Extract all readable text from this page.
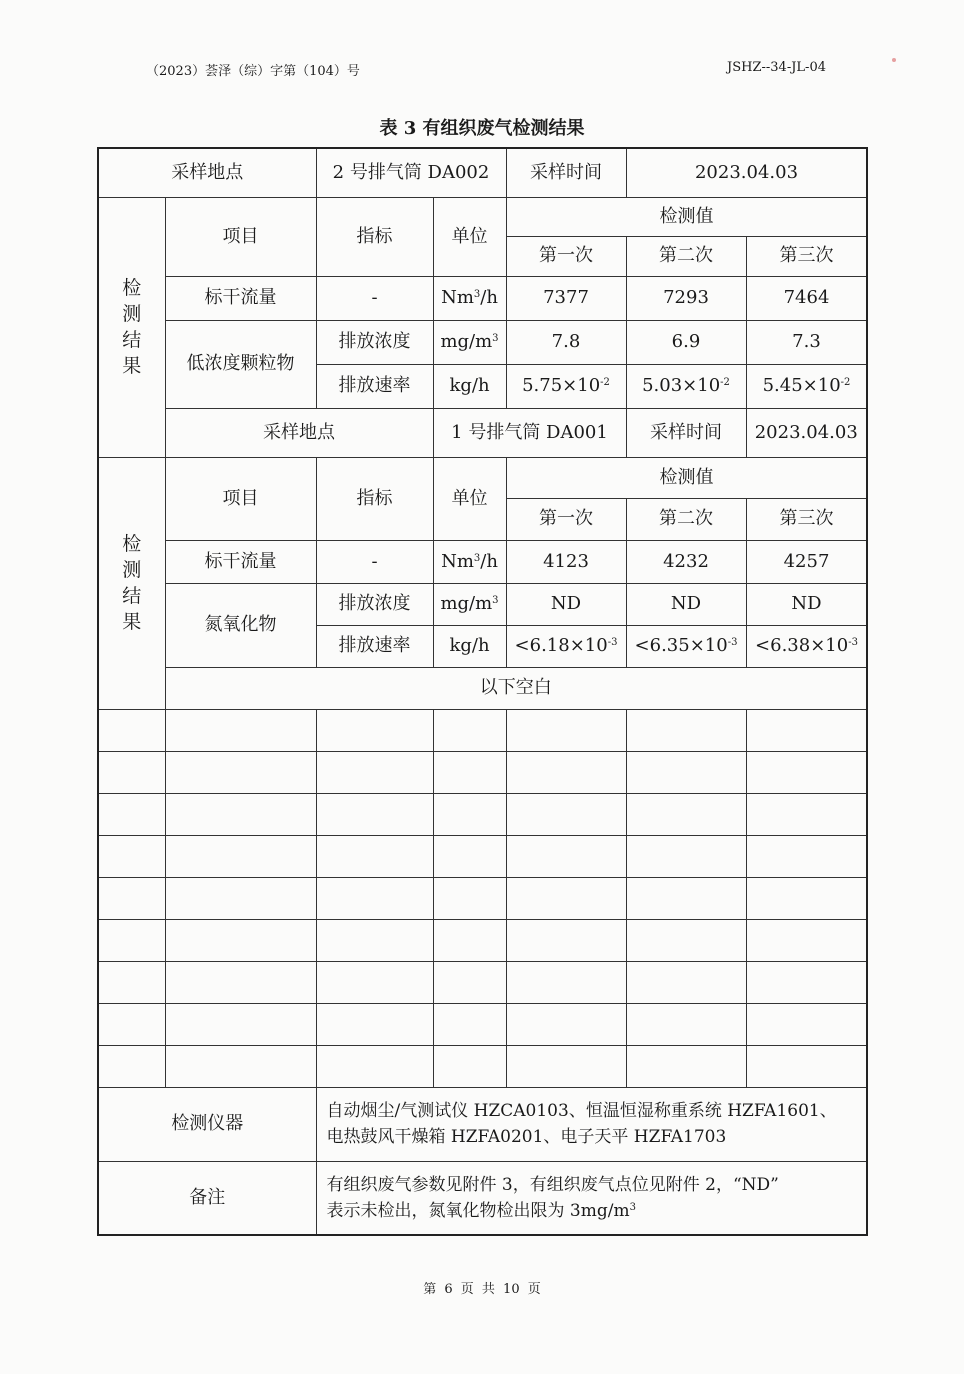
（2023）荟泽（综）字第（104）号	JSHZ--34-JL-04
表 3 有组织废气检测结果
采样地点		2 号排气筒 DA002		采样时间	2023.04.03	

检
测
结
果	项目	指标	单位	检测值		
				第一次	第二次	第三次
	标干流量	-	Nm$^3$/h	7377	7293	7464
	低浓度颗粒物	排放浓度	$mg/m^3$	7.8	6.9	7.3
		排放速率	kg/h	$5.75\times 10^{-2}$	$5.03\times 10^{-2}$	$5.45\times 10^{-2}$
	采样地点		1 号排气筒 DA001		采样时间	2023.04.03

检
测
结
果	项目	指标	单位	检测值		
				第一次	第二次	第三次
	标干流量	-	Nm$^3$/h	4123	4232	4257
	氮氧化物	排放浓度	$mg/m^3$	ND	ND	ND
		排放速率	kg/h	$<6.18\times 10^{-3}$	$<6.35\times 10^{-3}$	$<6.38\times 10^{-3}$
	以下空白					

检测仪器		自动烟尘/气测试仪 HZCA0103、恒温恒湿称重系统 HZFA1601、
电热鼓风干燥箱 HZFA0201、电子天平 HZFA1703				

备注		有组织废气参数见附件 3，有组织废气点位见附件 2，“ND”
表示未检出，氮氧化物检出限为 $3mg/m^3$
第 6 页 共 10 页
